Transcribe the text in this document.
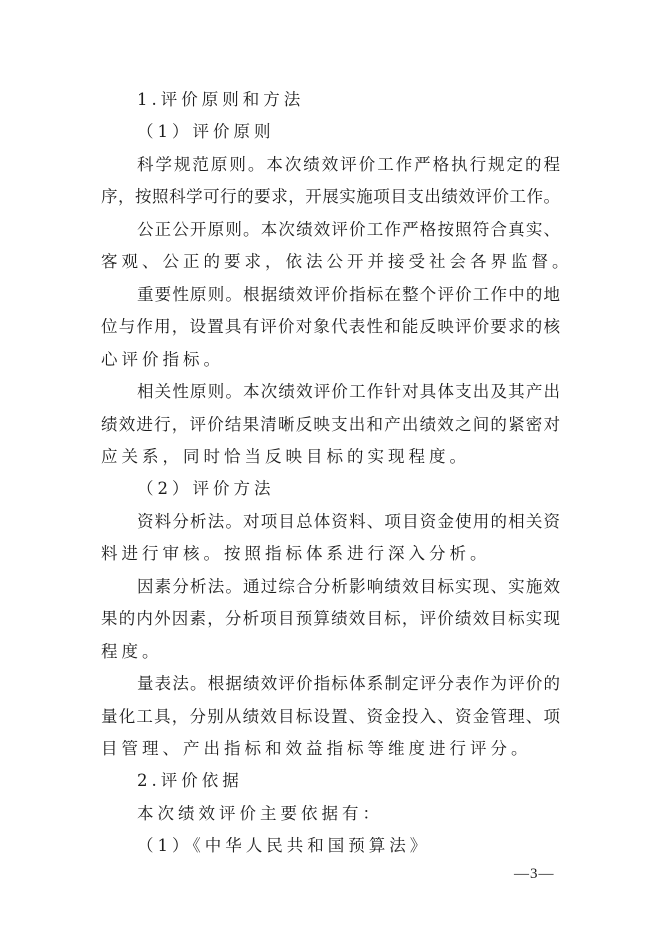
1.评价原则和方法
（1）评价原则
科学规范原则。本次绩效评价工作严格执行规定的程
序，按照科学可行的要求，开展实施项目支出绩效评价工作。
公正公开原则。本次绩效评价工作严格按照符合真实、
客观、公正的要求，依法公开并接受社会各界监督。
重要性原则。根据绩效评价指标在整个评价工作中的地
位与作用，设置具有评价对象代表性和能反映评价要求的核
心评价指标。
相关性原则。本次绩效评价工作针对具体支出及其产出
绩效进行，评价结果清晰反映支出和产出绩效之间的紧密对
应关系，同时恰当反映目标的实现程度。
（2）评价方法
资料分析法。对项目总体资料、项目资金使用的相关资
料进行审核。按照指标体系进行深入分析。
因素分析法。通过综合分析影响绩效目标实现、实施效
果的内外因素，分析项目预算绩效目标，评价绩效目标实现
程度。
量表法。根据绩效评价指标体系制定评分表作为评价的
量化工具，分别从绩效目标设置、资金投入、资金管理、项
目管理、产出指标和效益指标等维度进行评分。
2.评价依据
本次绩效评价主要依据有：
（1）《中华人民共和国预算法》
—3—
